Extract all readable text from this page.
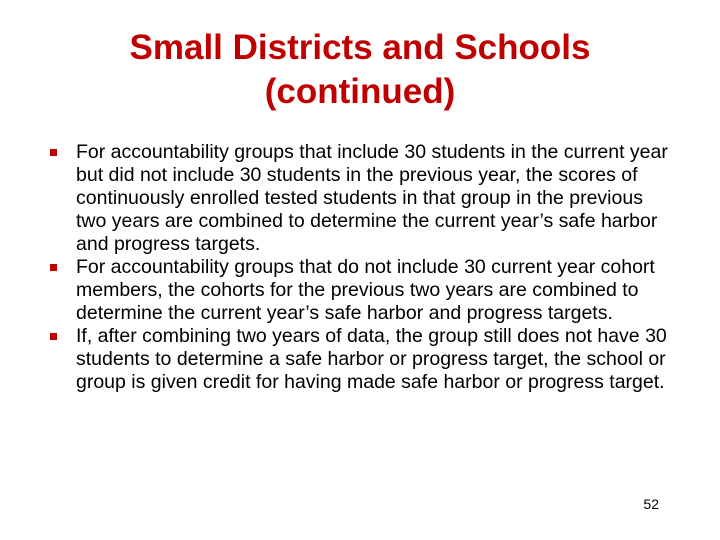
Small Districts and Schools
(continued)
For accountability groups that include 30 students in the current year but did not include 30 students in the previous year, the scores of continuously enrolled tested students in that group in the previous two years are combined to determine the current year’s safe harbor and progress targets.
For accountability groups that do not include 30 current year cohort members, the cohorts for the previous two years are combined to determine the current year’s safe harbor and progress targets.
If, after combining two years of data, the group still does not have 30 students to determine a safe harbor or progress target, the school or group is given credit for having made safe harbor or progress target.
52
